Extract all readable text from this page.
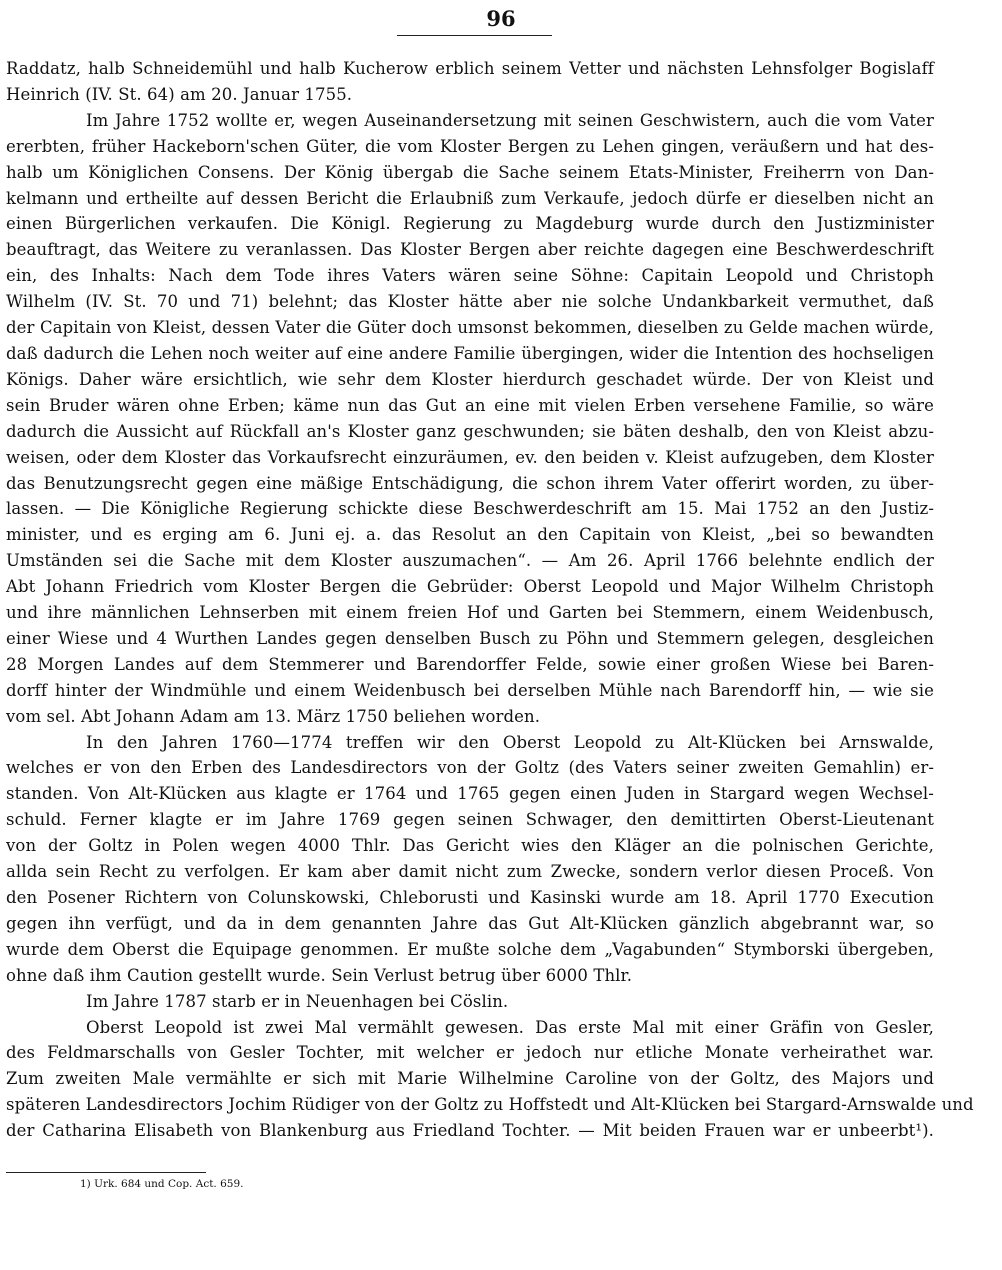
96
Raddatz, halb Schneidemühl und halb Kucherow erblich seinem Vetter und nächsten Lehnsfolger Bogislaff
Heinrich (IV. St. 64) am 20. Januar 1755.
Im Jahre 1752 wollte er, wegen Auseinandersetzung mit seinen Geschwistern, auch die vom Vater
ererbten, früher Hackeborn'schen Güter, die vom Kloster Bergen zu Lehen gingen, veräußern und hat des-
halb um Königlichen Consens. Der König übergab die Sache seinem Etats-Minister, Freiherrn von Dan-
kelmann und ertheilte auf dessen Bericht die Erlaubniß zum Verkaufe, jedoch dürfe er dieselben nicht an
einen Bürgerlichen verkaufen. Die Königl. Regierung zu Magdeburg wurde durch den Justizminister
beauftragt, das Weitere zu veranlassen. Das Kloster Bergen aber reichte dagegen eine Beschwerdeschrift
ein, des Inhalts: Nach dem Tode ihres Vaters wären seine Söhne: Capitain Leopold und Christoph
Wilhelm (IV. St. 70 und 71) belehnt; das Kloster hätte aber nie solche Undankbarkeit vermuthet, daß
der Capitain von Kleist, dessen Vater die Güter doch umsonst bekommen, dieselben zu Gelde machen würde,
daß dadurch die Lehen noch weiter auf eine andere Familie übergingen, wider die Intention des hochseligen
Königs. Daher wäre ersichtlich, wie sehr dem Kloster hierdurch geschadet würde. Der von Kleist und
sein Bruder wären ohne Erben; käme nun das Gut an eine mit vielen Erben versehene Familie, so wäre
dadurch die Aussicht auf Rückfall an's Kloster ganz geschwunden; sie bäten deshalb, den von Kleist abzu-
weisen, oder dem Kloster das Vorkaufsrecht einzuräumen, ev. den beiden v. Kleist aufzugeben, dem Kloster
das Benutzungsrecht gegen eine mäßige Entschädigung, die schon ihrem Vater offerirt worden, zu über-
lassen. — Die Königliche Regierung schickte diese Beschwerdeschrift am 15. Mai 1752 an den Justiz-
minister, und es erging am 6. Juni ej. a. das Resolut an den Capitain von Kleist, „bei so bewandten
Umständen sei die Sache mit dem Kloster auszumachen“. — Am 26. April 1766 belehnte endlich der
Abt Johann Friedrich vom Kloster Bergen die Gebrüder: Oberst Leopold und Major Wilhelm Christoph
und ihre männlichen Lehnserben mit einem freien Hof und Garten bei Stemmern, einem Weidenbusch,
einer Wiese und 4 Wurthen Landes gegen denselben Busch zu Pöhn und Stemmern gelegen, desgleichen
28 Morgen Landes auf dem Stemmerer und Barendorffer Felde, sowie einer großen Wiese bei Baren-
dorff hinter der Windmühle und einem Weidenbusch bei derselben Mühle nach Barendorff hin, — wie sie
vom sel. Abt Johann Adam am 13. März 1750 beliehen worden.
In den Jahren 1760—1774 treffen wir den Oberst Leopold zu Alt-Klücken bei Arnswalde,
welches er von den Erben des Landesdirectors von der Goltz (des Vaters seiner zweiten Gemahlin) er-
standen. Von Alt-Klücken aus klagte er 1764 und 1765 gegen einen Juden in Stargard wegen Wechsel-
schuld. Ferner klagte er im Jahre 1769 gegen seinen Schwager, den demittirten Oberst-Lieutenant
von der Goltz in Polen wegen 4000 Thlr. Das Gericht wies den Kläger an die polnischen Gerichte,
allda sein Recht zu verfolgen. Er kam aber damit nicht zum Zwecke, sondern verlor diesen Proceß. Von
den Posener Richtern von Colunskowski, Chleborusti und Kasinski wurde am 18. April 1770 Execution
gegen ihn verfügt, und da in dem genannten Jahre das Gut Alt-Klücken gänzlich abgebrannt war, so
wurde dem Oberst die Equipage genommen. Er mußte solche dem „Vagabunden“ Stymborski übergeben,
ohne daß ihm Caution gestellt wurde. Sein Verlust betrug über 6000 Thlr.
Im Jahre 1787 starb er in Neuenhagen bei Cöslin.
Oberst Leopold ist zwei Mal vermählt gewesen. Das erste Mal mit einer Gräfin von Gesler,
des Feldmarschalls von Gesler Tochter, mit welcher er jedoch nur etliche Monate verheirathet war.
Zum zweiten Male vermählte er sich mit Marie Wilhelmine Caroline von der Goltz, des Majors und
späteren Landesdirectors Jochim Rüdiger von der Goltz zu Hoffstedt und Alt-Klücken bei Stargard-Arnswalde und
der Catharina Elisabeth von Blankenburg aus Friedland Tochter. — Mit beiden Frauen war er unbeerbt¹).
1) Urk. 684 und Cop. Act. 659.
